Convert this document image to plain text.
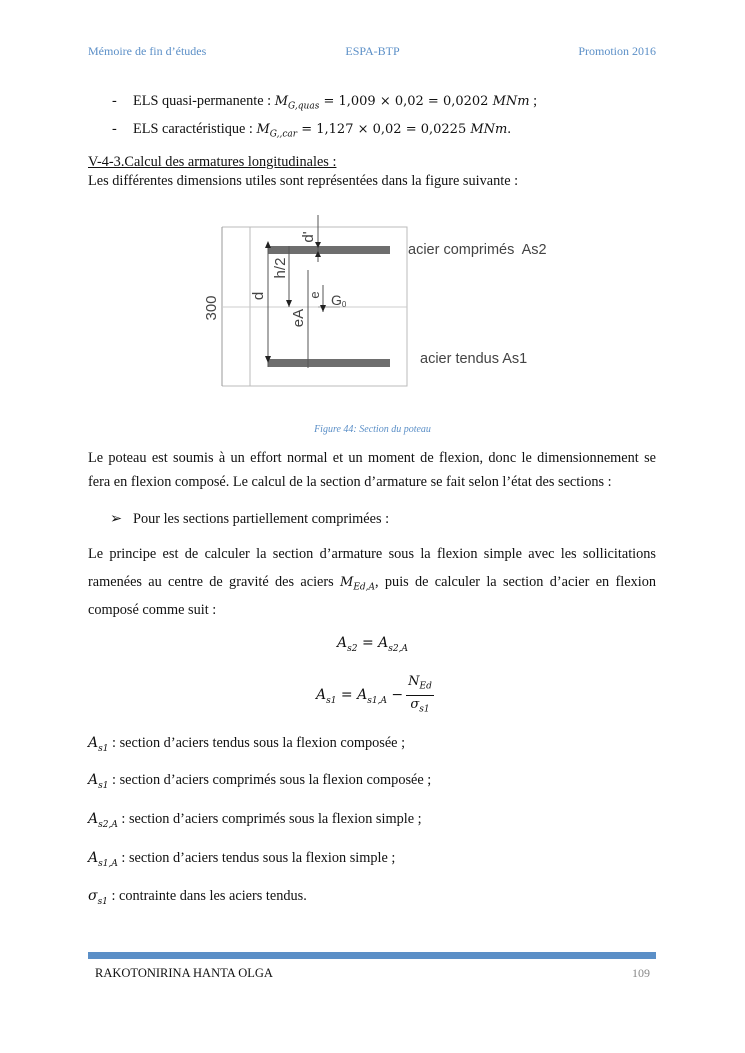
Mémoire de fin d’études	ESPA-BTP	Promotion 2016
- ELS quasi-permanente : $M_{G,quas} = 1,009 \times 0,02 = 0,0202$ MNm ;
- ELS caractéristique : $M_{G,,car} = 1,127 \times 0,02 = 0,0225$ MNm.
V-4-3.Calcul des armatures longitudinales :
Les différentes dimensions utiles sont représentées dans la figure suivante :
300 d
h/2
d'
eA
e G0
acier comprimés  As2
acier tendus As1
Figure 44: Section du poteau
Le poteau est soumis à un effort normal et un moment de flexion, donc le dimensionnement se
fera en flexion composé. Le calcul de la section d’armature se fait selon l’état des sections :
➢ Pour les sections partiellement comprimées :
Le principe est de calculer la section d’armature sous la flexion simple avec les sollicitations
ramenées au centre de gravité des aciers $M_{Ed,A}$, puis de calculer la section d’acier en flexion
composé comme suit :
$A_{s2} = A_{s2,A}$
$A_{s1} = A_{s1,A}$ −
$N_{Ed}$
$\sigma_{s1}$
$A_{s1}$ : section d’aciers tendus sous la flexion composée ;
$A_{s1}$ : section d’aciers comprimés sous la flexion composée ;
$A_{s2,A}$ : section d’aciers comprimés sous la flexion simple ;
$A_{s1,A}$ : section d’aciers tendus sous la flexion simple ;
$\sigma_{s1}$ : contrainte dans les aciers tendus.
RAKOTONIRINA HANTA OLGA	109
